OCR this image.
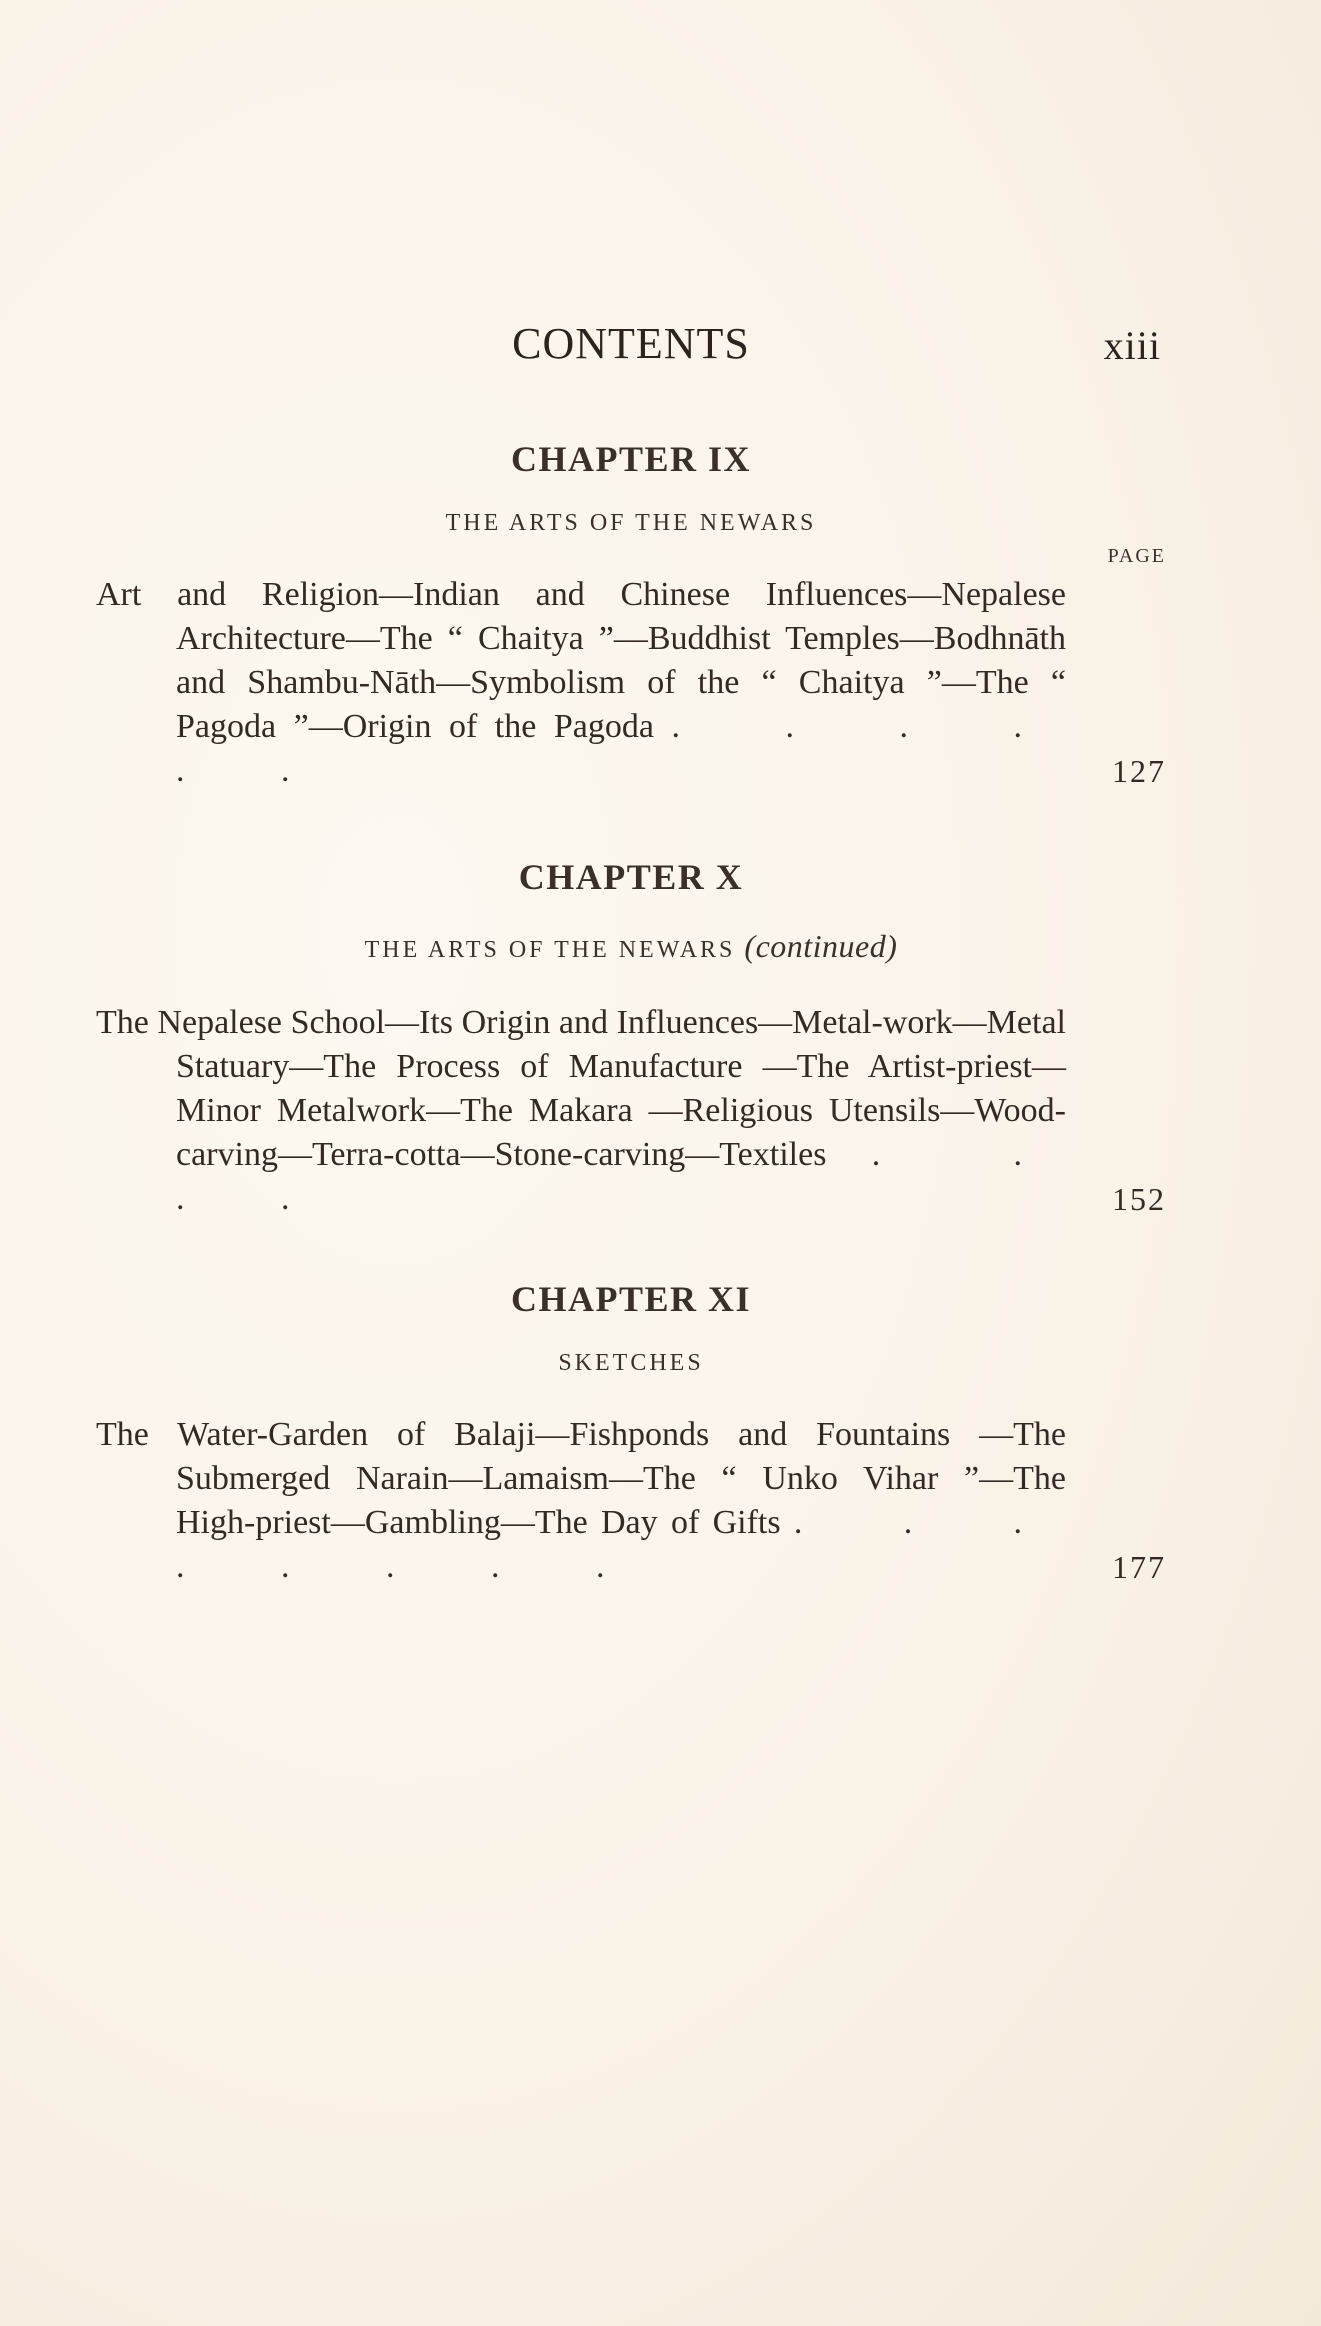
CONTENTS	xiii
CHAPTER IX
THE ARTS OF THE NEWARS
PAGE
Art and Religion—Indian and Chinese Influences—Nepalese Architecture—The “ Chaitya ”—Buddhist Temples—Bodhnāth and Shambu-Nāth—Symbolism of the “ Chaitya ”—The “ Pagoda ”—Origin of the Pagoda . . . . . .	127
CHAPTER X
THE ARTS OF THE NEWARS (continued)
The Nepalese School—Its Origin and Influences—Metal-work—Metal Statuary—The Process of Manufacture —The Artist-priest—Minor Metalwork—The Makara —Religious Utensils—Wood-carving—Terra-cotta—Stone-carving—Textiles . . . .	152
CHAPTER XI
SKETCHES
The Water-Garden of Balaji—Fishponds and Fountains —The Submerged Narain—Lamaism—The “ Unko Vihar ”—The High-priest—Gambling—The Day of Gifts . . . . . . . .	177
